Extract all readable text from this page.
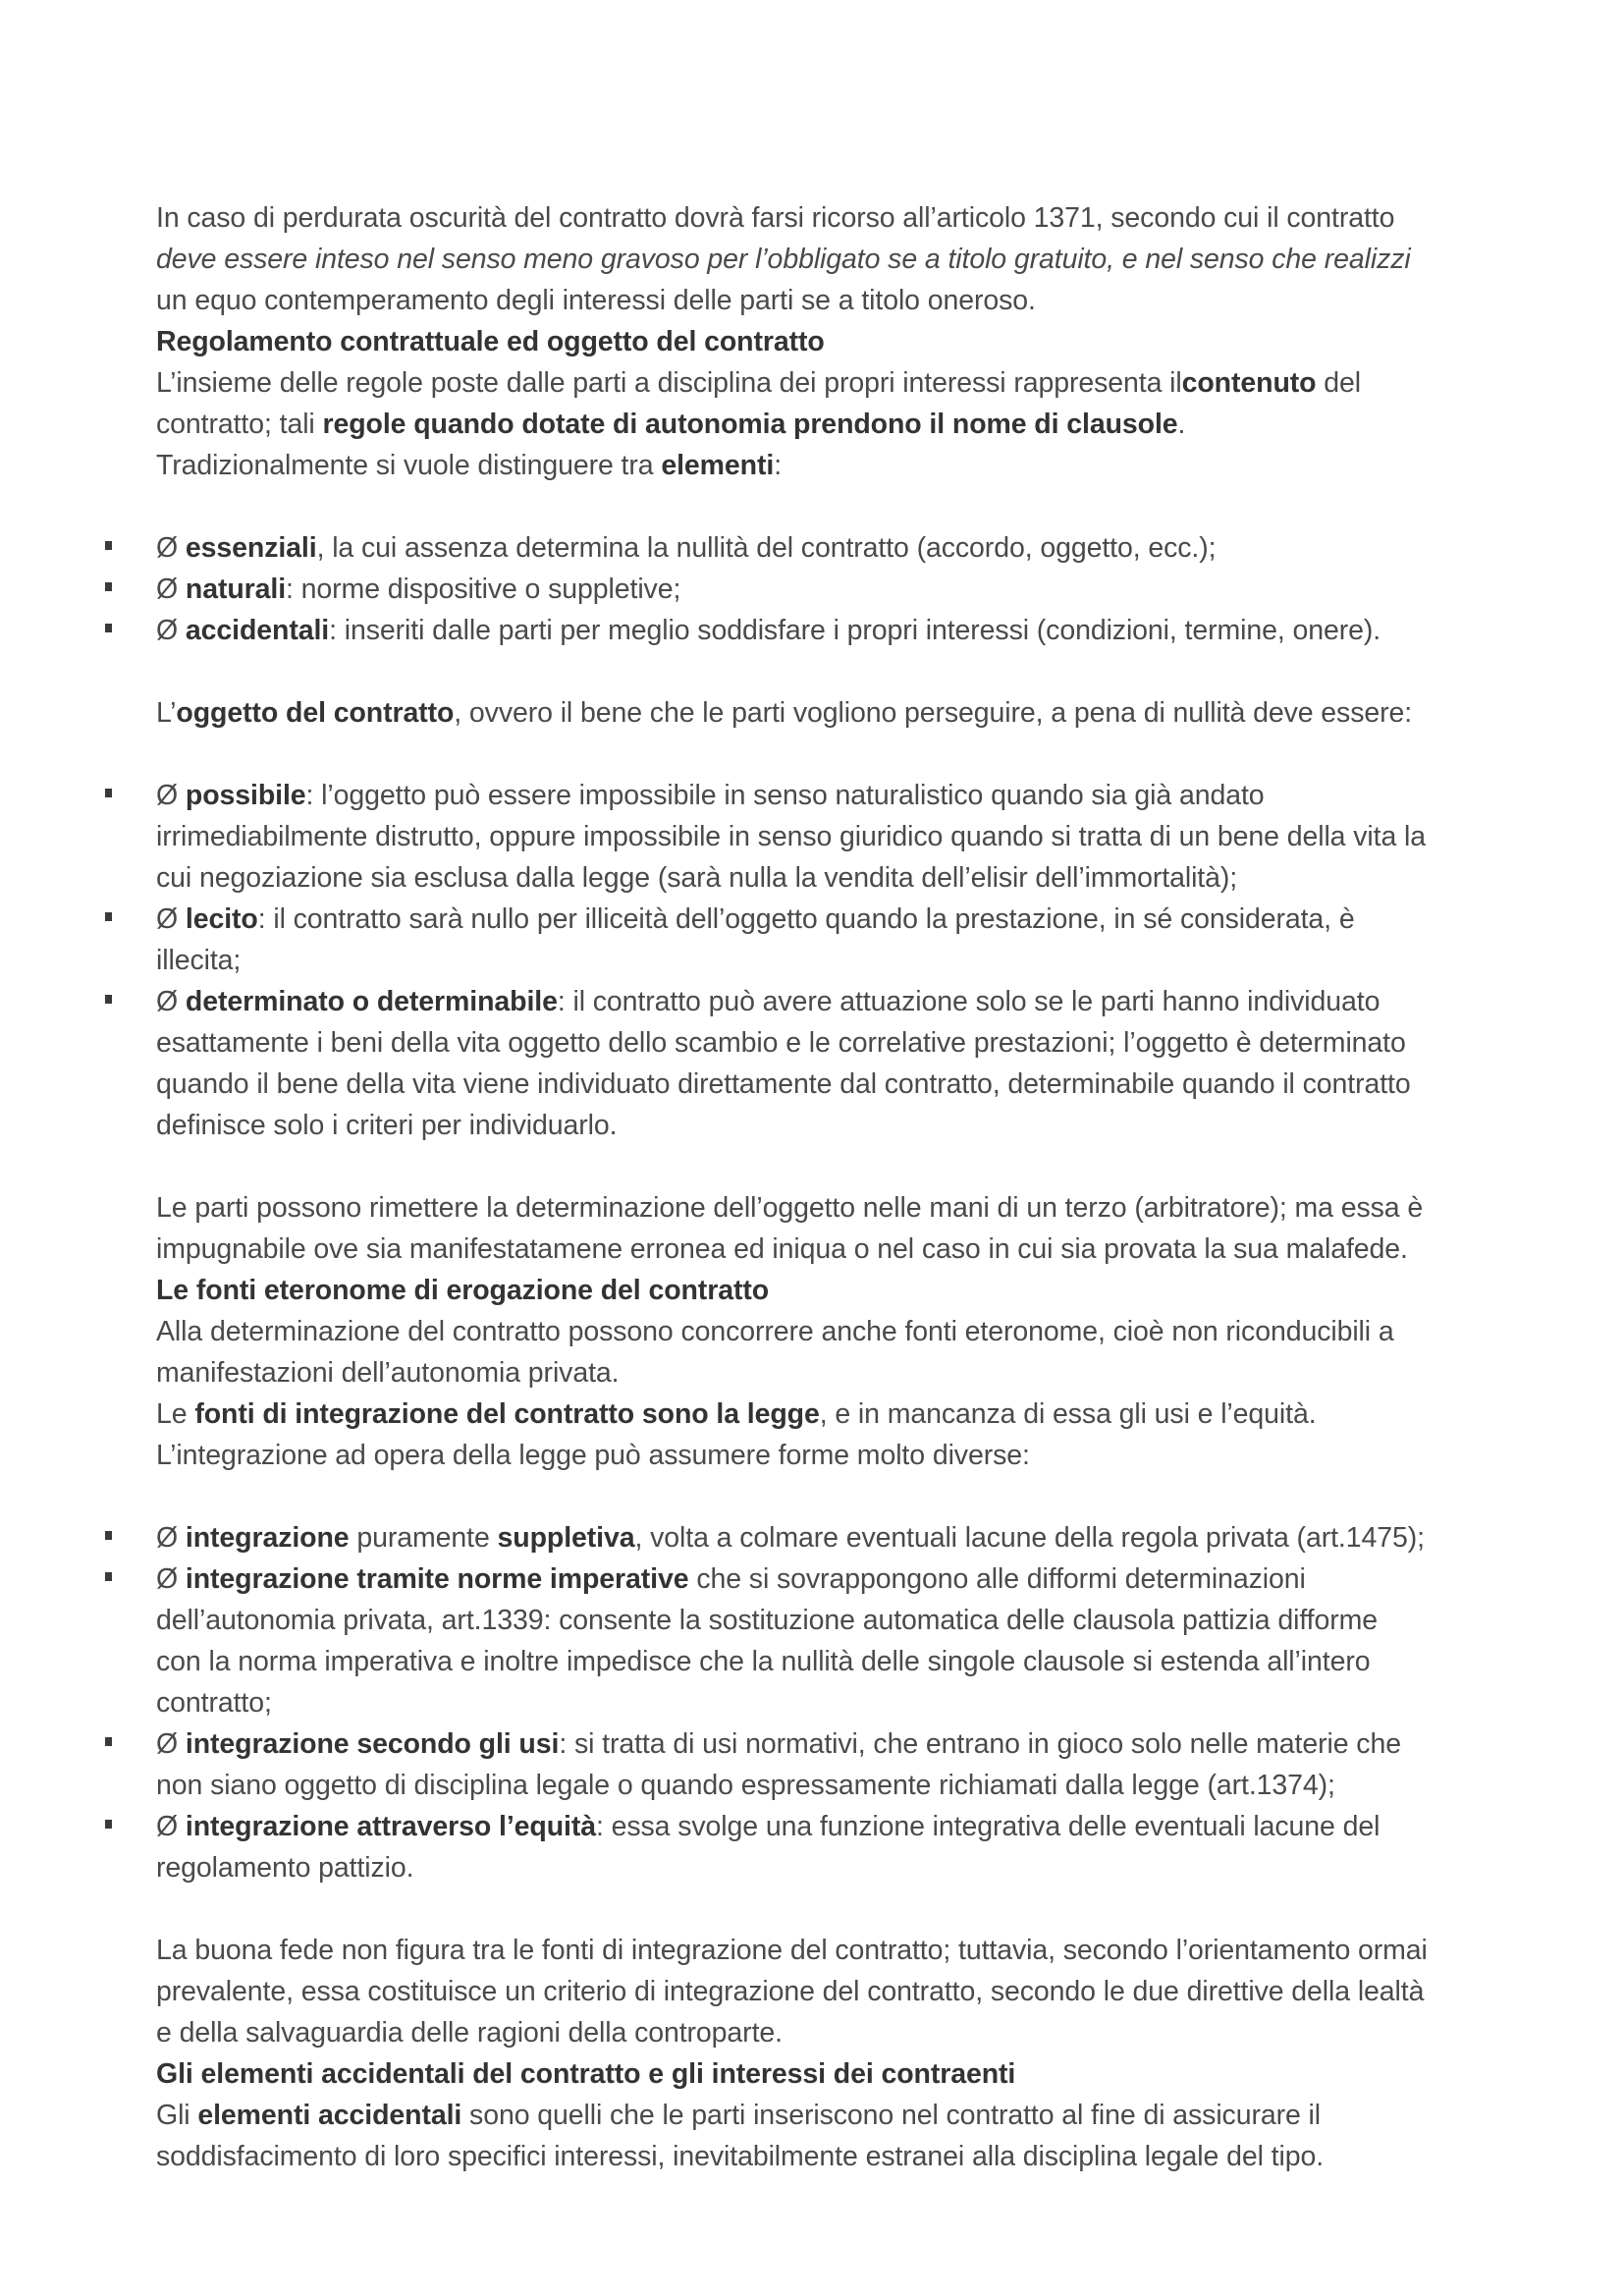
In caso di perdurata oscurità del contratto dovrà farsi ricorso all’articolo 1371, secondo cui il contratto
deve essere inteso nel senso meno gravoso per l’obbligato se a titolo gratuito, e nel senso che realizzi
un equo contemperamento degli interessi delle parti se a titolo oneroso.
Regolamento contrattuale ed oggetto del contratto
L’insieme delle regole poste dalle parti a disciplina dei propri interessi rappresenta ilcontenuto del
contratto; tali regole quando dotate di autonomia prendono il nome di clausole.
Tradizionalmente si vuole distinguere tra elementi:
Ø essenziali, la cui assenza determina la nullità del contratto (accordo, oggetto, ecc.);
Ø naturali: norme dispositive o suppletive;
Ø accidentali: inseriti dalle parti per meglio soddisfare i propri interessi (condizioni, termine, onere).
L’oggetto del contratto, ovvero il bene che le parti vogliono perseguire, a pena di nullità deve essere:
Ø possibile: l’oggetto può essere impossibile in senso naturalistico quando sia già andato
irrimediabilmente distrutto, oppure impossibile in senso giuridico quando si tratta di un bene della vita la
cui negoziazione sia esclusa dalla legge (sarà nulla la vendita dell’elisir dell’immortalità);
Ø lecito: il contratto sarà nullo per illiceità dell’oggetto quando la prestazione, in sé considerata, è
illecita;
Ø determinato o determinabile: il contratto può avere attuazione solo se le parti hanno individuato
esattamente i beni della vita oggetto dello scambio e le correlative prestazioni; l’oggetto è determinato
quando il bene della vita viene individuato direttamente dal contratto, determinabile quando il contratto
definisce solo i criteri per individuarlo.
Le parti possono rimettere la determinazione dell’oggetto nelle mani di un terzo (arbitratore); ma essa è
impugnabile ove sia manifestatamene erronea ed iniqua o nel caso in cui sia provata la sua malafede.
Le fonti eteronome di erogazione del contratto
Alla determinazione del contratto possono concorrere anche fonti eteronome, cioè non riconducibili a
manifestazioni dell’autonomia privata.
Le fonti di integrazione del contratto sono la legge, e in mancanza di essa gli usi e l’equità.
L’integrazione ad opera della legge può assumere forme molto diverse:
Ø integrazione puramente suppletiva, volta a colmare eventuali lacune della regola privata (art.1475);
Ø integrazione tramite norme imperative che si sovrappongono alle difformi determinazioni
dell’autonomia privata, art.1339: consente la sostituzione automatica delle clausola pattizia difforme
con la norma imperativa e inoltre impedisce che la nullità delle singole clausole si estenda all’intero
contratto;
Ø integrazione secondo gli usi: si tratta di usi normativi, che entrano in gioco solo nelle materie che
non siano oggetto di disciplina legale o quando espressamente richiamati dalla legge (art.1374);
Ø integrazione attraverso l’equità: essa svolge una funzione integrativa delle eventuali lacune del
regolamento pattizio.
La buona fede non figura tra le fonti di integrazione del contratto; tuttavia, secondo l’orientamento ormai
prevalente, essa costituisce un criterio di integrazione del contratto, secondo le due direttive della lealtà
e della salvaguardia delle ragioni della controparte.
Gli elementi accidentali del contratto e gli interessi dei contraenti
Gli elementi accidentali sono quelli che le parti inseriscono nel contratto al fine di assicurare il
soddisfacimento di loro specifici interessi, inevitabilmente estranei alla disciplina legale del tipo.
